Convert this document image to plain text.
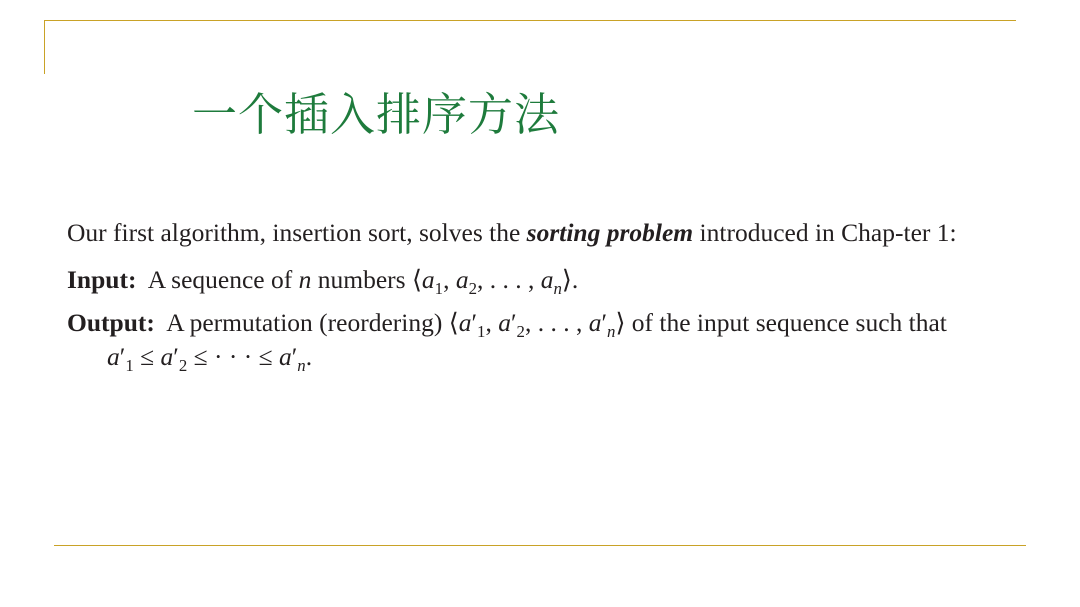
一个插入排序方法

Our first algorithm, insertion sort, solves the sorting problem introduced in Chap-ter 1:

Input: A sequence of n numbers $⟨a_1$, $a_2$, . . . , $a_n⟩$.

Output: A permutation (reordering) $⟨a'_1$, $a'_2$, . . . , $a'_n⟩$ of the input sequence such that $a'_1 \le a'_2$ ≤ · · · ≤ $a'_n$.
